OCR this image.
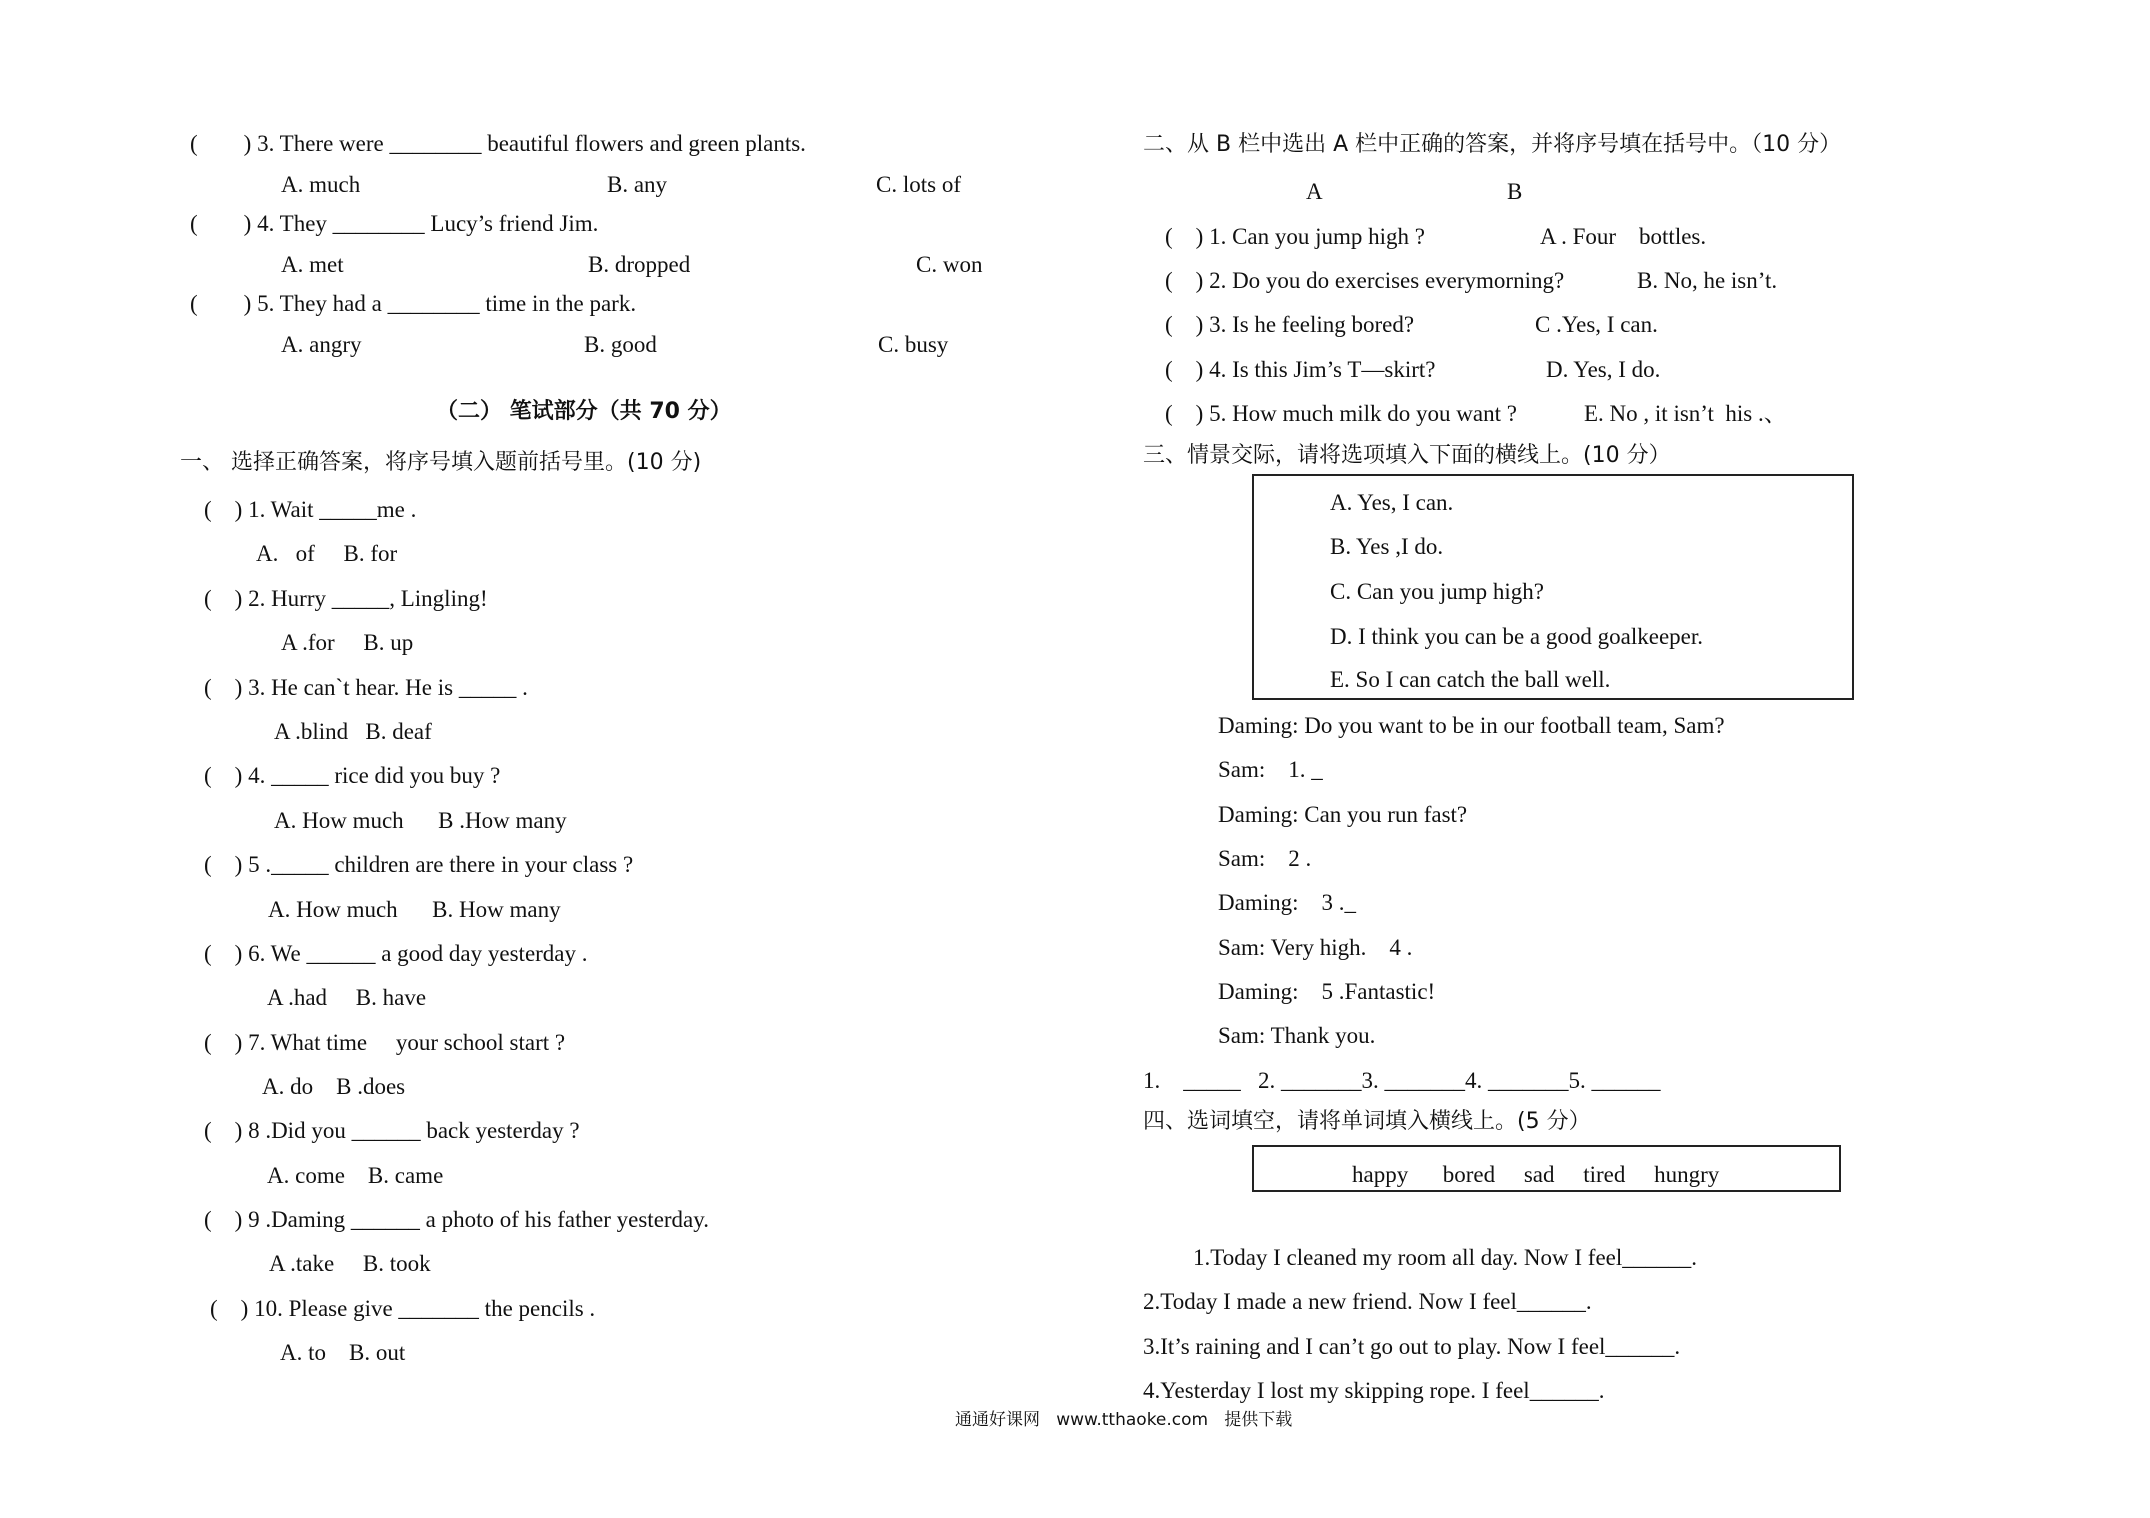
(        ) 3. There were ________ beautiful flowers and green plants.
A. much	B. any	C. lots of
(        ) 4. They ________ Lucy’s friend Jim.
A. met	B. dropped	C. won
(        ) 5. They had a ________ time in the park.
A. angry	B. good	C. busy
（二） 笔试部分（共 70 分）
一、 选择正确答案，将序号填入题前括号里。(10 分)
(    ) 1. Wait _____me .
A.   of     B. for
(    ) 2. Hurry _____, Lingling!
A .for     B. up
(    ) 3. He can`t hear. He is _____ .
A .blind   B. deaf
(    ) 4. _____ rice did you buy ?
A. How much      B .How many
(    ) 5 ._____ children are there in your class ?
A. How much      B. How many
(    ) 6. We ______ a good day yesterday .
A .had     B. have
(    ) 7. What time     your school start ?
A. do    B .does
(    ) 8 .Did you ______ back yesterday ?
A. come    B. came
(    ) 9 .Daming ______ a photo of his father yesterday.
A .take     B. took
(    ) 10. Please give _______ the pencils .
A. to    B. out
二、从 B 栏中选出 A 栏中正确的答案，并将序号填在括号中。（10 分）
A	B
(    ) 1. Can you jump high ?	A . Four    bottles.
(    ) 2. Do you do exercises everymorning?	B. No, he isn’t.
(    ) 3. Is he feeling bored?	C .Yes, I can.
(    ) 4. Is this Jim’s T—skirt?	D. Yes, I do.
(    ) 5. How much milk do you want ?	E. No , it isn’t  his .、
三、情景交际，请将选项填入下面的横线上。(10 分）
A. Yes, I can.
B. Yes ,I do.
C. Can you jump high?
D. I think you can be a good goalkeeper.
E. So I can catch the ball well.
Daming: Do you want to be in our football team, Sam?
Sam:    1. _
Daming: Can you run fast?
Sam:    2 .
Daming:    3 ._
Sam: Very high.    4 .
Daming:    5 .Fantastic!
Sam: Thank you.
1.    _____   2. _______3. _______4. _______5. ______
四、选词填空，请将单词填入横线上。(5 分）
happy      bored     sad     tired     hungry
1.Today I cleaned my room all day. Now I feel______.
2.Today I made a new friend. Now I feel______.
3.It’s raining and I can’t go out to play. Now I feel______.
4.Yesterday I lost my skipping rope. I feel______.
通通好课网   www.tthaoke.com   提供下载
